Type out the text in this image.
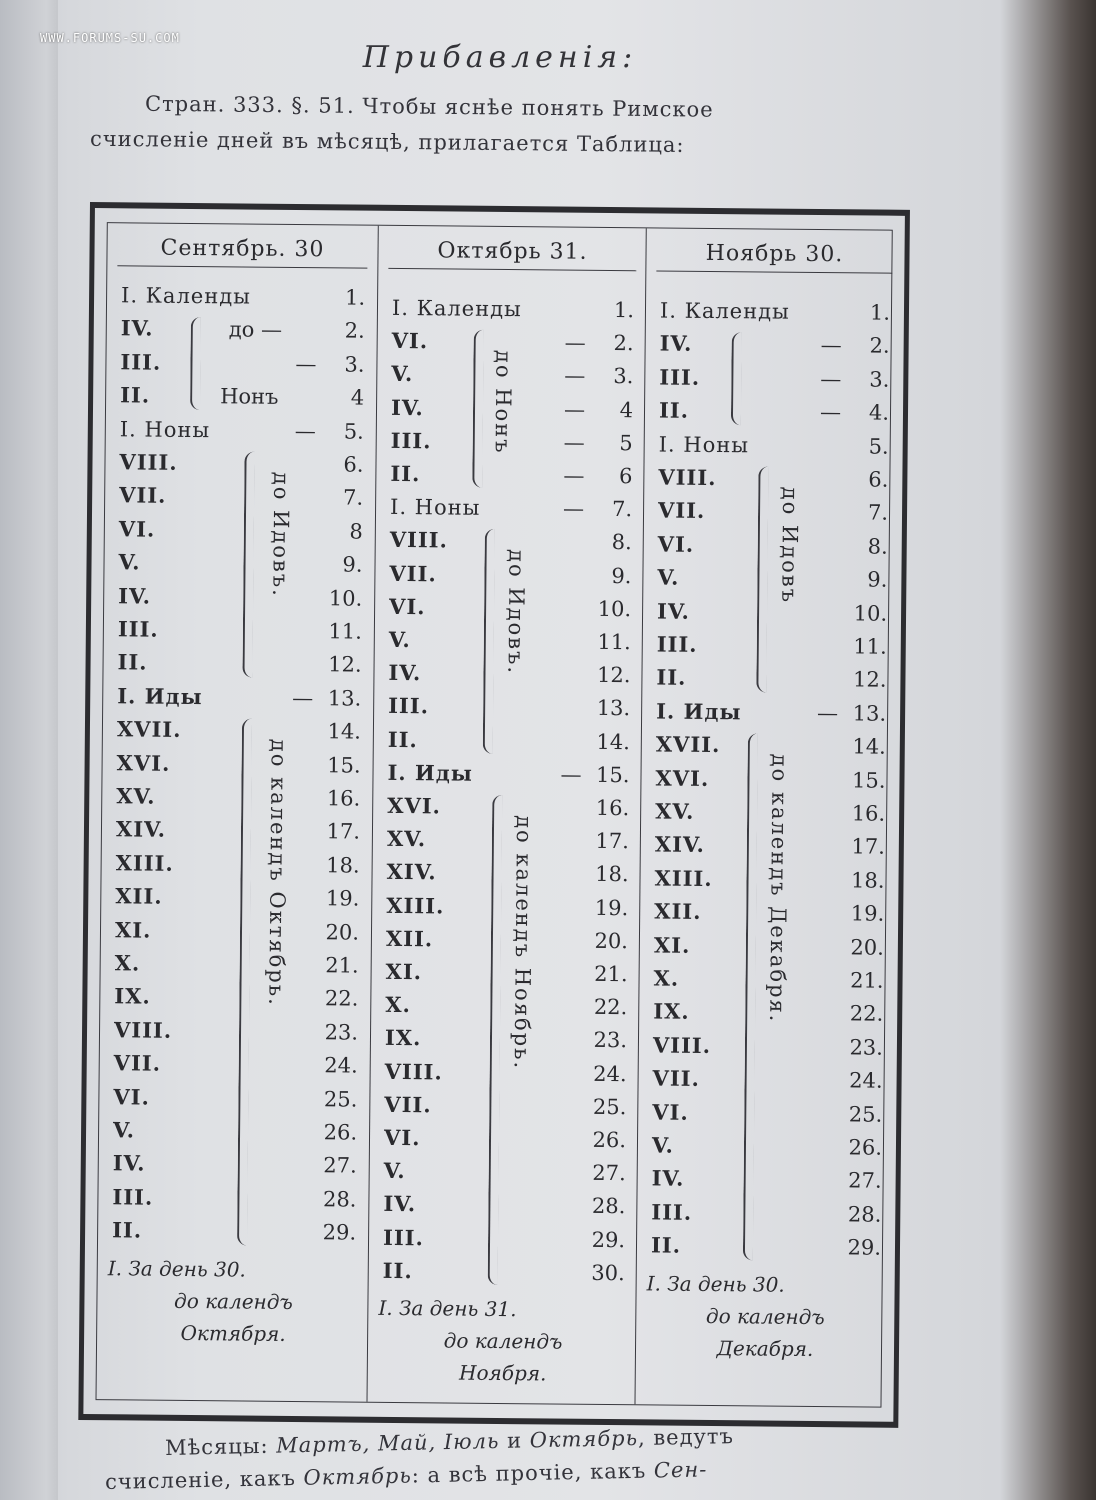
WWW.FORUMS-SU.COM
Прибавленія:
Стран. 333. §. 51. Чтобы яснѣе понять Римское
счисленіе дней въ мѣсяцѣ, прилагается Таблица:
Сентябрь. 30
I. Календы	1.
IV.	до —	2.
III.	— 3.
II.	Нонъ	4
I. Ноны	— 5.
VIII.	6.
VII.	7.
VI.	8
V.	9.
IV.	10.
III.	11.
II.	12.
I. Иды	— 13.
XVII.	14.
XVI.	15.
XV.	16.
XIV.	17.
XIII.	18.
XII.	19.
XI.	20.
X.	21.
IX.	22.
VIII.	23.
VII.	24.
VI.	25.
V.	26.
IV.	27.
III.	28.
II.	29.
до Идовъ.
до календъ Октябрь.
I. За день 30.
до календъ
Октября.
Октябрь 31.
I. Календы	1.
VI.	— 2.
V.	— 3.
IV.	— 4
III.	— 5
II.	— 6
I. Ноны	— 7.
VIII.	8.
VII.	9.
VI.	10.
V.	11.
IV.	12.
III.	13.
II.	14.
I. Иды	— 15.
XVI.	16.
XV.	17.
XIV.	18.
XIII.	19.
XII.	20.
XI.	21.
X.	22.
IX.	23.
VIII.	24.
VII.	25.
VI.	26.
V.	27.
IV.	28.
III.	29.
II.	30.
до Нонъ
до Идовъ.
до календъ Ноябрь.
I. За день 31.
до календъ
Ноября.
Ноябрь 30.
I. Календы	1.
IV.	— 2.
III.	— 3.
II.	— 4.
I. Ноны	5.
VIII.	6.
VII.	7.
VI.	8.
V.	9.
IV.	10.
III.	11.
II.	12.
I. Иды	— 13.
XVII.	14.
XVI.	15.
XV.	16.
XIV.	17.
XIII.	18.
XII.	19.
XI.	20.
X.	21.
IX.	22.
VIII.	23.
VII.	24.
VI.	25.
V.	26.
IV.	27.
III.	28.
II.	29.
до Идовъ
до календъ Декабря.
I. За день 30.
до календъ
Декабря.
Мѣсяцы: Мартъ, Май, Іюль и Октябрь, ведутъ
счисленіе, какъ Октябрь: а всѣ прочіе, какъ Сен-
